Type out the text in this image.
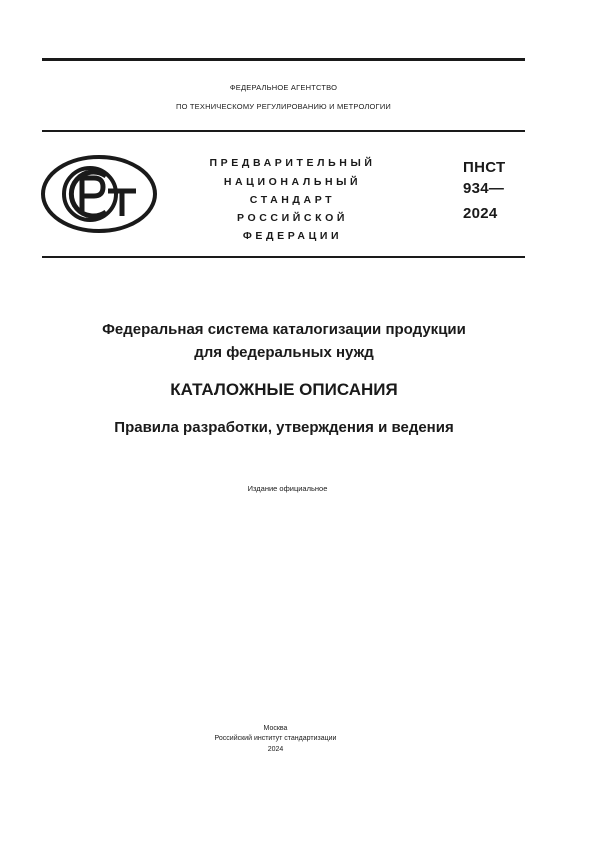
ФЕДЕРАЛЬНОЕ АГЕНТСТВО
ПО ТЕХНИЧЕСКОМУ РЕГУЛИРОВАНИЮ И МЕТРОЛОГИИ
ПРЕДВАРИТЕЛЬНЫЙ
НАЦИОНАЛЬНЫЙ
СТАНДАРТ
РОССИЙСКОЙ
ФЕДЕРАЦИИ
ПНСТ
934—
2024
Федеральная система каталогизации продукции
для федеральных нужд
КАТАЛОЖНЫЕ ОПИСАНИЯ
Правила разработки, утверждения и ведения
Издание официальное
Москва
Российский институт стандартизации
2024
